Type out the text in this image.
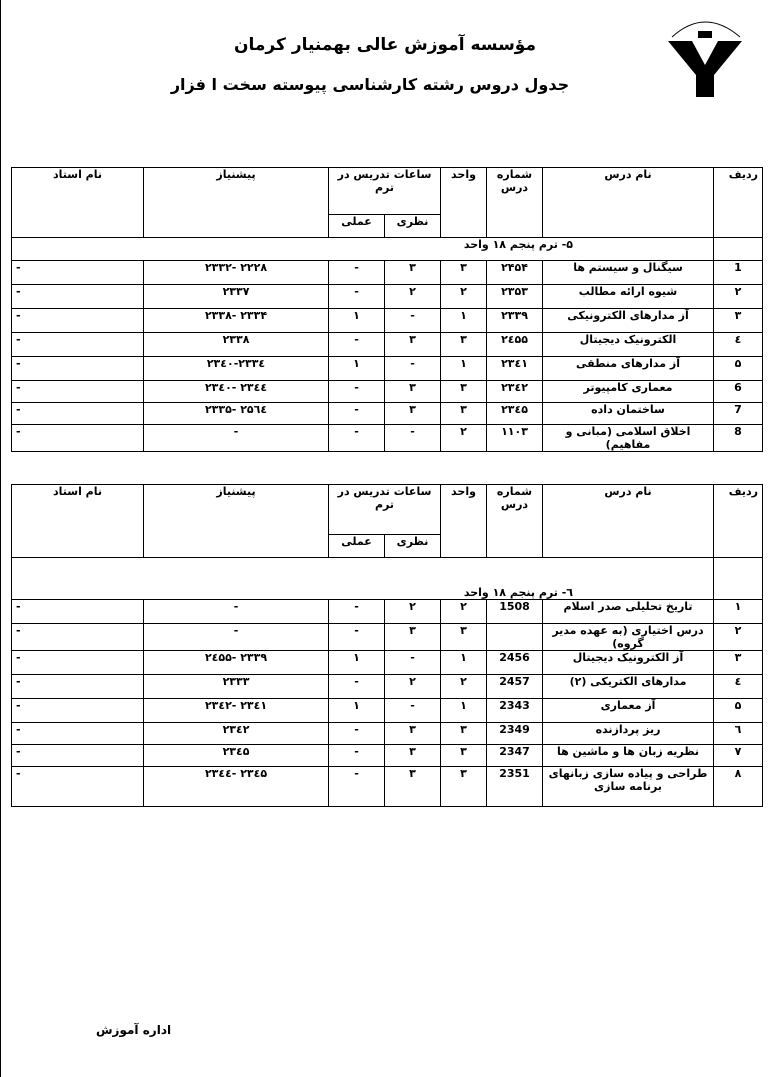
مؤسسه آموزش عالی بهمنیار کرمان
جدول دروس رشته کارشناسی پیوسته سخت ا فزار
ردیف	نام درس	شماره درس	واحد	ساعات تدریس در ترم		پیشنیاز	نام استاد
				نظری	عملی		
	۵- ترم پنجم ۱۸ واحد						
1	سیگنال و سیستم ها	۲۴۵۴	۳	۳	-	۲۲۲۸ -۲۳۳۲	-
۲	شیوه ارائه مطالب	۲۳۵۳	۲	۲	-	۲۳۳۷	-
۳	آز مدارهای الکترونیکی	۲۳۳۹	۱	-	۱	۲۳۳۴ -۲۳۳۸	-
٤	الکترونیک دیجیتال	۲٤۵۵	۳	۳	-	۲۳۳۸	-
۵	آز مدارهای منطقی	۲۳٤۱	۱	-	۱	۲۳۳٤-۲۳٤۰	-
6	معماری کامپیوتر	۲۳٤۲	۳	۳	-	۲۳٤٤ -۲۳٤۰	-
7	ساختمان داده	۲۳٤۵	۳	۳	-	۲۵٦٤ -۲۳۳۵	-
8	اخلاق اسلامی (مبانی و مفاهیم)	۱۱۰۳	۲	-	-	-	-
ردیف	نام درس	شماره درس	واحد	ساعات تدریس در ترم		پیشنیاز	نام استاد
				نظری	عملی		
	٦- ترم پنجم ۱۸ واحد						
۱	تاریخ تحلیلی صدر اسلام	1508	۲	۲	-	-	-
۲	درس اختیاری (به عهده مدیر گروه)		۳	۳	-	-	-
۳	آز الکترونیک دیجیتال	2456	۱	-	۱	۲۳۳۹ -۲٤۵۵	-
٤	مدارهای الکتریکی (۲)	2457	۲	۲	-	۲۳۳۳	-
۵	آز معماری	2343	۱	-	۱	۲۳٤۱ -۲۳٤۲	-
٦	ریز پردازنده	2349	۳	۳	-	۲۳٤۲	-
۷	نظریه زبان ها و ماشین ها	2347	۳	۳	-	۲۳٤۵	-
۸	طراحی و پیاده سازی زبانهای برنامه سازی	2351	۳	۳	-	۲۳٤۵ -۲۳٤٤	-
اداره آموزش
